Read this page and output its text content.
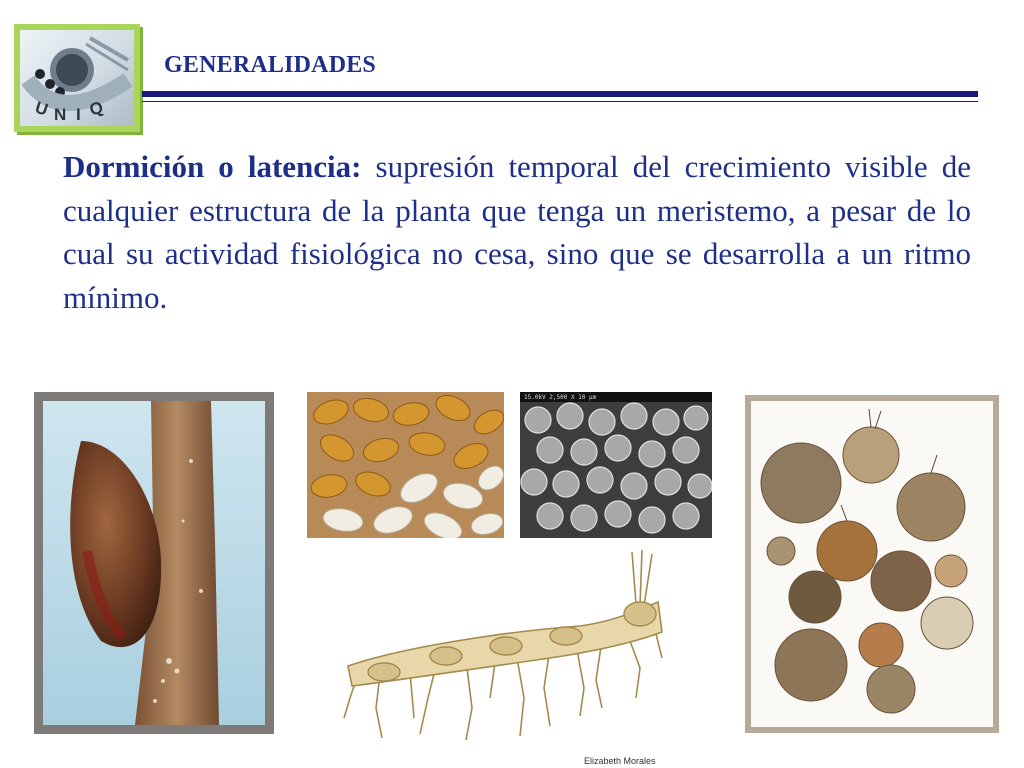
U N I Q
GENERALIDADES

Dormición o latencia: supresión temporal del crecimiento visible de cualquier estructura de la planta que tenga un meristemo, a pesar de lo cual su actividad fisiológica no cesa, sino que se desarrolla a un ritmo mínimo.

15.0kV 2,500 X 10 µm
Elizabeth Morales
